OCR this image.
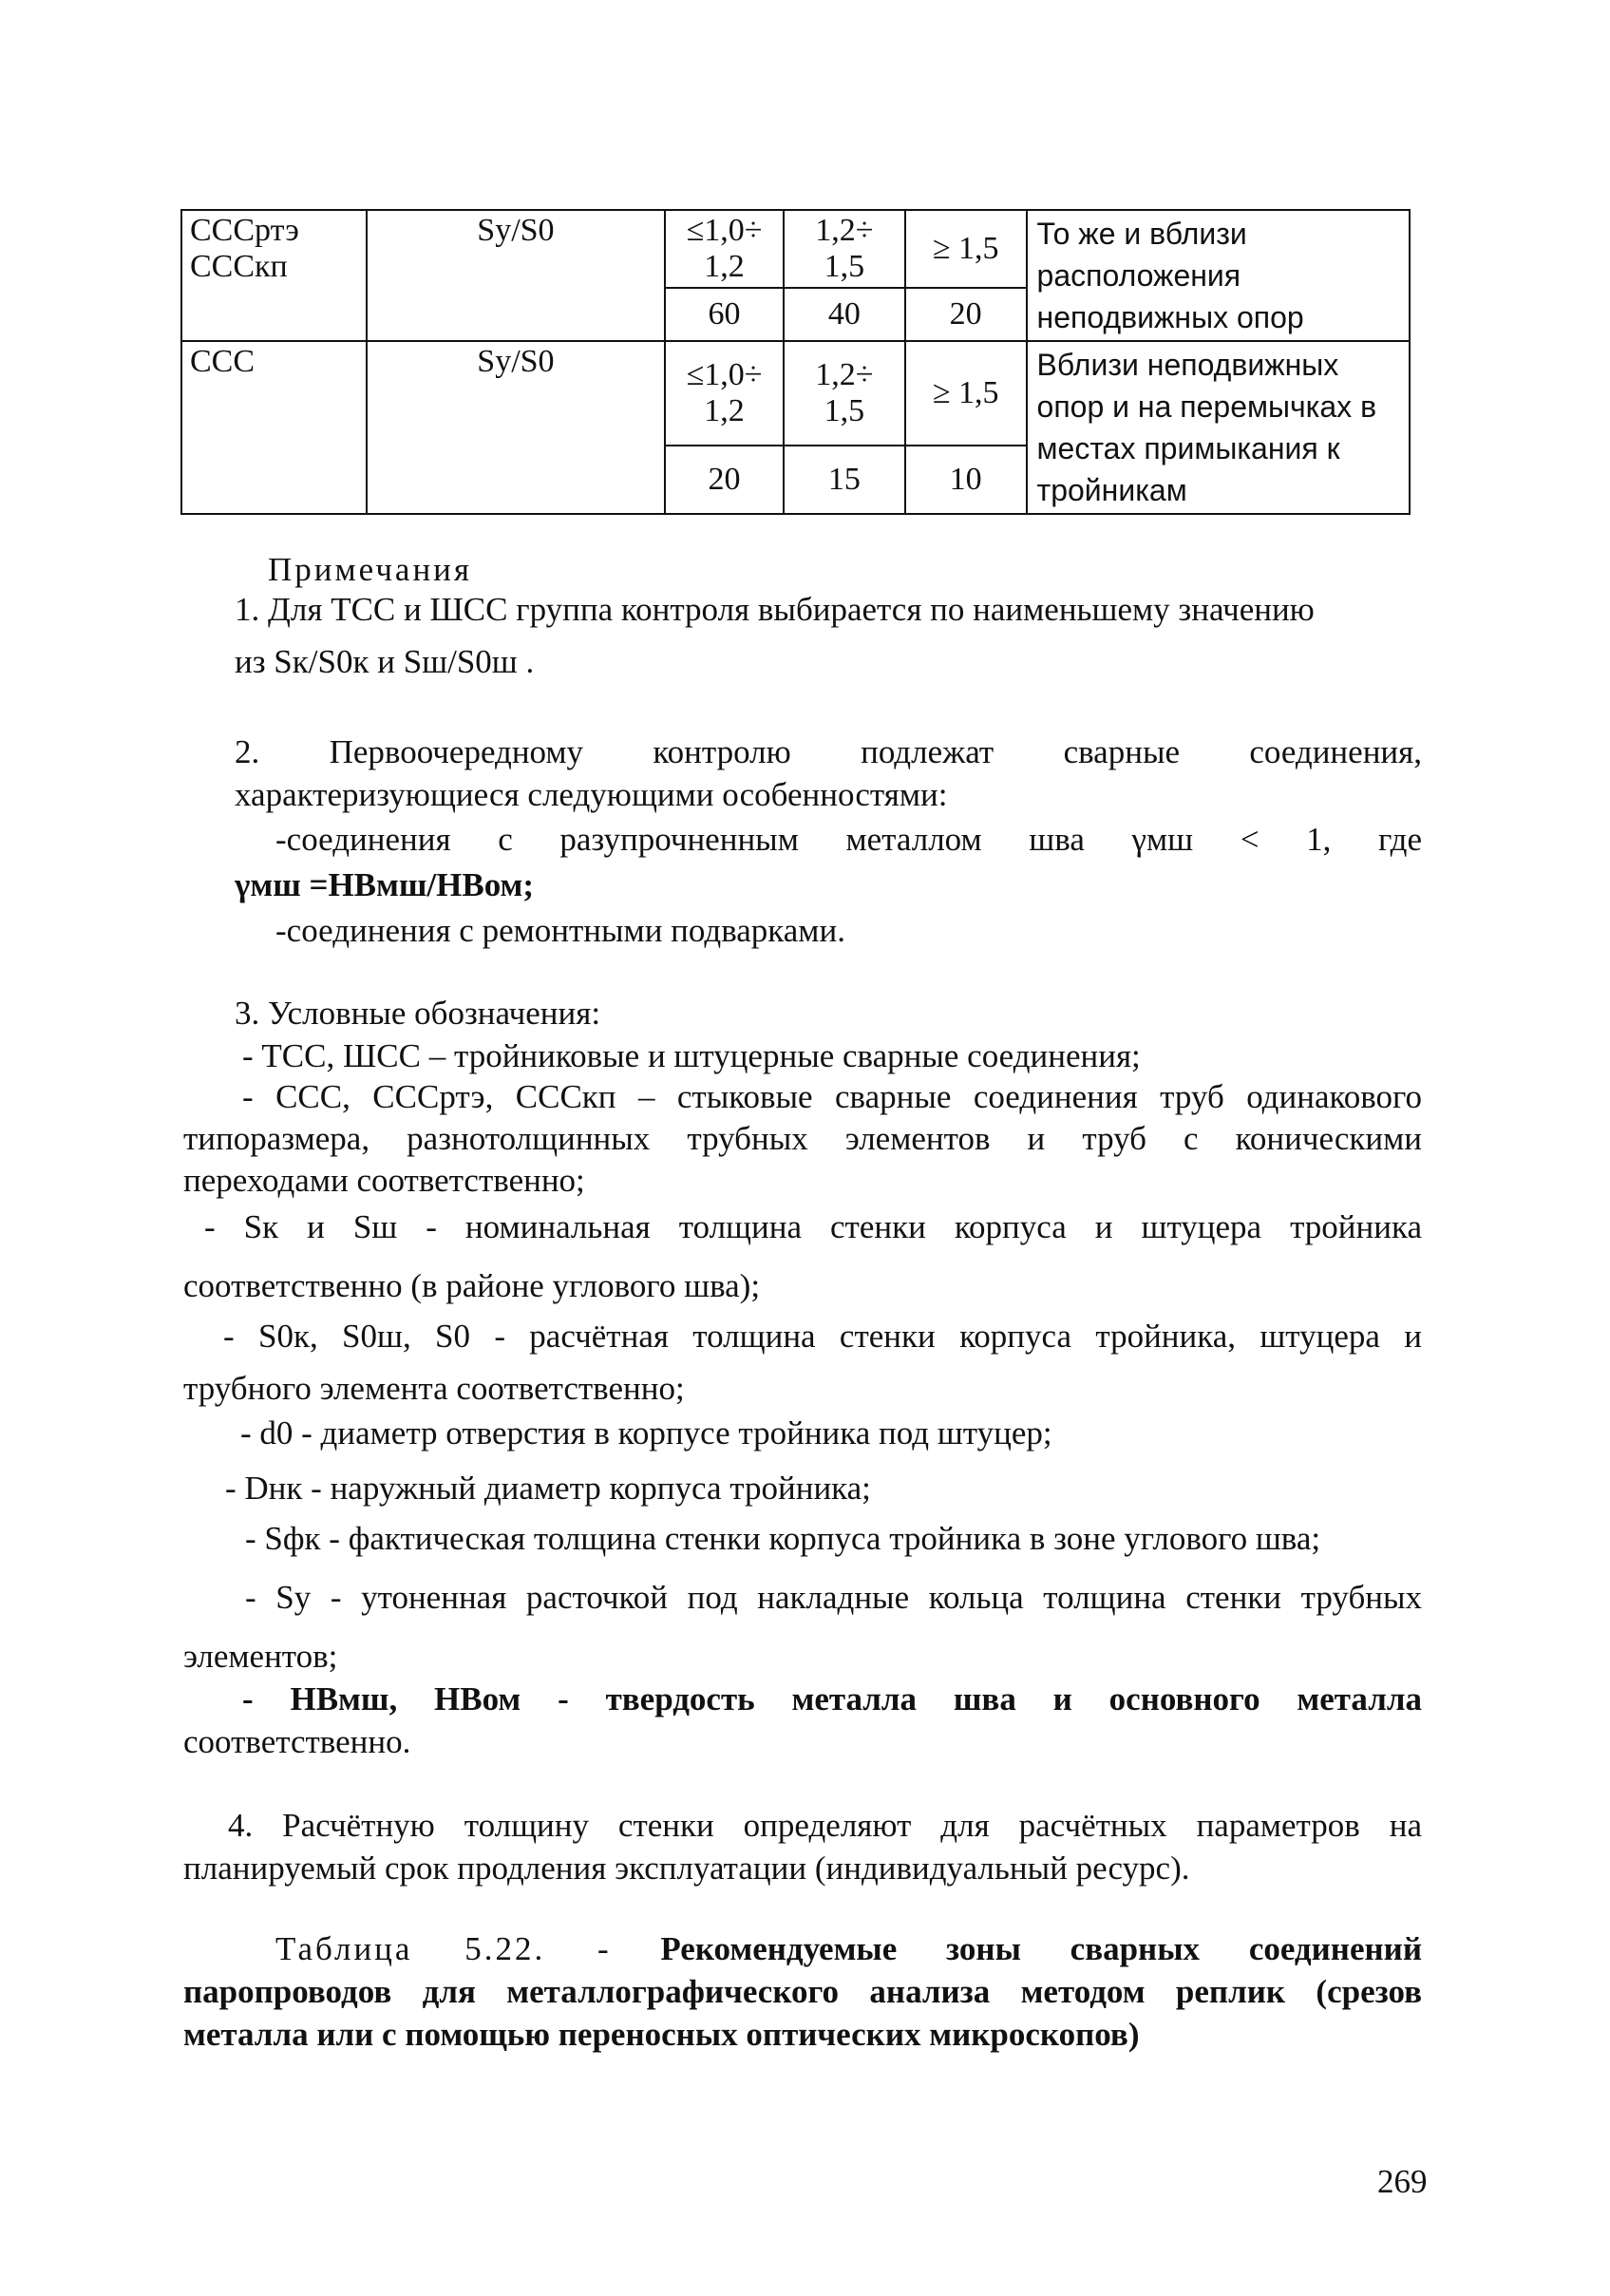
СССртэ
СССкп	Sy/S0	≤1,0÷ 1,2	1,2÷ 1,5	≥ 1,5	То же и вблизи расположения неподвижных опор
		60	40	20	
ССС	Sy/S0	≤1,0÷ 1,2	1,2÷ 1,5	≥ 1,5	Вблизи неподвижных опор и на перемычках в местах примыкания к тройникам
		20	15	10	
Примечания
1. Для ТСС и ШСС группа контроля выбирается по наименьшему значению
из Sк/S0к и Sш/S0ш .
2. Первоочередному контролю подлежат сварные соединения,
характеризующиеся следующими особенностями:
-соединения с разупрочненным металлом шва γмш < 1, где
γмш =НВмш/НВом;
-соединения с ремонтными подварками.
3. Условные обозначения:
- ТСС, ШСС – тройниковые и штуцерные сварные соединения;
- ССС, СССртэ, СССкп – стыковые сварные соединения труб одинакового
типоразмера, разнотолщинных трубных элементов и труб с коническими
переходами соответственно;
- Sк и Sш - номинальная толщина стенки корпуса и штуцера тройника
соответственно (в районе углового шва);
- S0к, S0ш, S0 - расчётная толщина стенки корпуса тройника, штуцера и
трубного элемента соответственно;
- d0 - диаметр отверстия в корпусе тройника под штуцер;
- Dнк - наружный диаметр корпуса тройника;
- Sфк - фактическая толщина стенки корпуса тройника в зоне углового шва;
- Sy - утоненная расточкой под накладные кольца толщина стенки трубных
элементов;
- НВмш, НВом - твердость металла шва и основного металла
соответственно.
4. Расчётную толщину стенки определяют для расчётных параметров на
планируемый срок продления эксплуатации (индивидуальный ресурс).
Таблица 5.22. - Рекомендуемые зоны сварных соединений
паропроводов для металлографического анализа методом реплик (срезов
металла или с помощью переносных оптических микроскопов)
269
